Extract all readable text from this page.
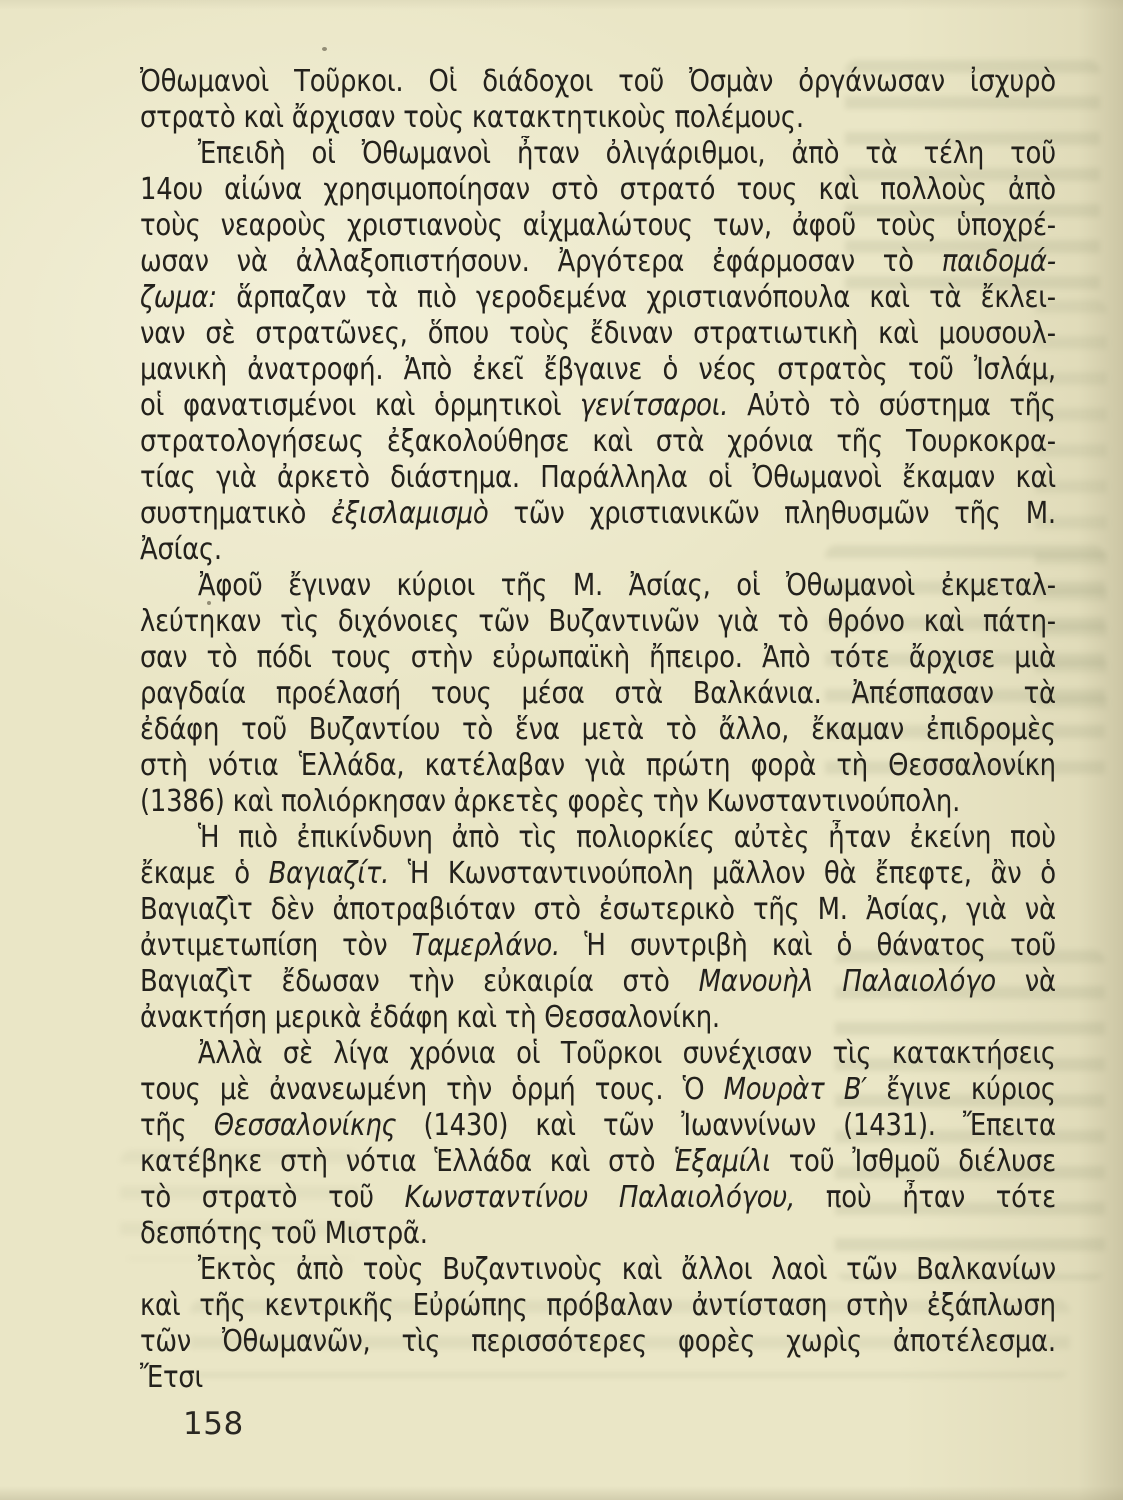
Ὀθωμανοὶ Τοῦρκοι. Οἱ διάδοχοι τοῦ Ὀσμὰν ὀργάνωσαν ἰσχυρὸ
στρατὸ καὶ ἄρχισαν τοὺς κατακτητικοὺς πολέμους.
Ἐπειδὴ οἱ Ὀθωμανοὶ ἦταν ὀλιγάριθμοι, ἀπὸ τὰ τέλη τοῦ
14ου αἰώνα χρησιμοποίησαν στὸ στρατό τους καὶ πολλοὺς ἀπὸ
τοὺς νεαροὺς χριστιανοὺς αἰχμαλώτους των, ἀφοῦ τοὺς ὑποχρέ-
ωσαν νὰ ἀλλαξοπιστήσουν. Ἀργότερα ἐφάρμοσαν τὸ παιδομά-
ζωμα: ἅρπαζαν τὰ πιὸ γεροδεμένα χριστιανόπουλα καὶ τὰ ἔκλει-
ναν σὲ στρατῶνες, ὅπου τοὺς ἔδιναν στρατιωτικὴ καὶ μουσουλ-
μανικὴ ἀνατροφή. Ἀπὸ ἐκεῖ ἔβγαινε ὁ νέος στρατὸς τοῦ Ἰσλάμ,
οἱ φανατισμένοι καὶ ὁρμητικοὶ γενίτσαροι. Αὐτὸ τὸ σύστημα τῆς
στρατολογήσεως ἐξακολούθησε καὶ στὰ χρόνια τῆς Τουρκοκρα-
τίας γιὰ ἀρκετὸ διάστημα. Παράλληλα οἱ Ὀθωμανοὶ ἔκαμαν καὶ
συστηματικὸ ἐξισλαμισμὸ τῶν χριστιανικῶν πληθυσμῶν τῆς Μ.
Ἀσίας.
Ἀφοῦ ἔγιναν κύριοι τῆς Μ. Ἀσίας, οἱ Ὀθωμανοὶ ἐκμεταλ-
λεύτηκαν τὶς διχόνοιες τῶν Βυζαντινῶν γιὰ τὸ θρόνο καὶ πάτη-
σαν τὸ πόδι τους στὴν εὐρωπαϊκὴ ἤπειρο. Ἀπὸ τότε ἄρχισε μιὰ
ραγδαία προέλασή τους μέσα στὰ Βαλκάνια. Ἀπέσπασαν τὰ
ἐδάφη τοῦ Βυζαντίου τὸ ἕνα μετὰ τὸ ἄλλο, ἔκαμαν ἐπιδρομὲς
στὴ νότια Ἑλλάδα, κατέλαβαν γιὰ πρώτη φορὰ τὴ Θεσσαλονίκη
(1386) καὶ πολιόρκησαν ἀρκετὲς φορὲς τὴν Κωνσταντινούπολη.
Ἡ πιὸ ἐπικίνδυνη ἀπὸ τὶς πολιορκίες αὐτὲς ἦταν ἐκείνη ποὺ
ἔκαμε ὁ Βαγιαζίτ. Ἡ Κωνσταντινούπολη μᾶλλον θὰ ἔπεφτε, ἂν ὁ
Βαγιαζὶτ δὲν ἀποτραβιόταν στὸ ἐσωτερικὸ τῆς Μ. Ἀσίας, γιὰ νὰ
ἀντιμετωπίση τὸν Ταμερλάνο. Ἡ συντριβὴ καὶ ὁ θάνατος τοῦ
Βαγιαζὶτ ἔδωσαν τὴν εὐκαιρία στὸ Μανουὴλ Παλαιολόγο νὰ
ἀνακτήση μερικὰ ἐδάφη καὶ τὴ Θεσσαλονίκη.
Ἀλλὰ σὲ λίγα χρόνια οἱ Τοῦρκοι συνέχισαν τὶς κατακτήσεις
τους μὲ ἀνανεωμένη τὴν ὁρμή τους. Ὁ Μουρὰτ Β′ ἔγινε κύριος
τῆς Θεσσαλονίκης (1430) καὶ τῶν Ἰωαννίνων (1431). Ἔπειτα
κατέβηκε στὴ νότια Ἑλλάδα καὶ στὸ Ἑξαμίλι τοῦ Ἰσθμοῦ διέλυσε
τὸ στρατὸ τοῦ Κωνσταντίνου Παλαιολόγου, ποὺ ἦταν τότε
δεσπότης τοῦ Μιστρᾶ.
Ἐκτὸς ἀπὸ τοὺς Βυζαντινοὺς καὶ ἄλλοι λαοὶ τῶν Βαλκανίων
καὶ τῆς κεντρικῆς Εὐρώπης πρόβαλαν ἀντίσταση στὴν ἐξάπλωση
τῶν Ὀθωμανῶν, τὶς περισσότερες φορὲς χωρὶς ἀποτέλεσμα.
Ἔτσι
158
